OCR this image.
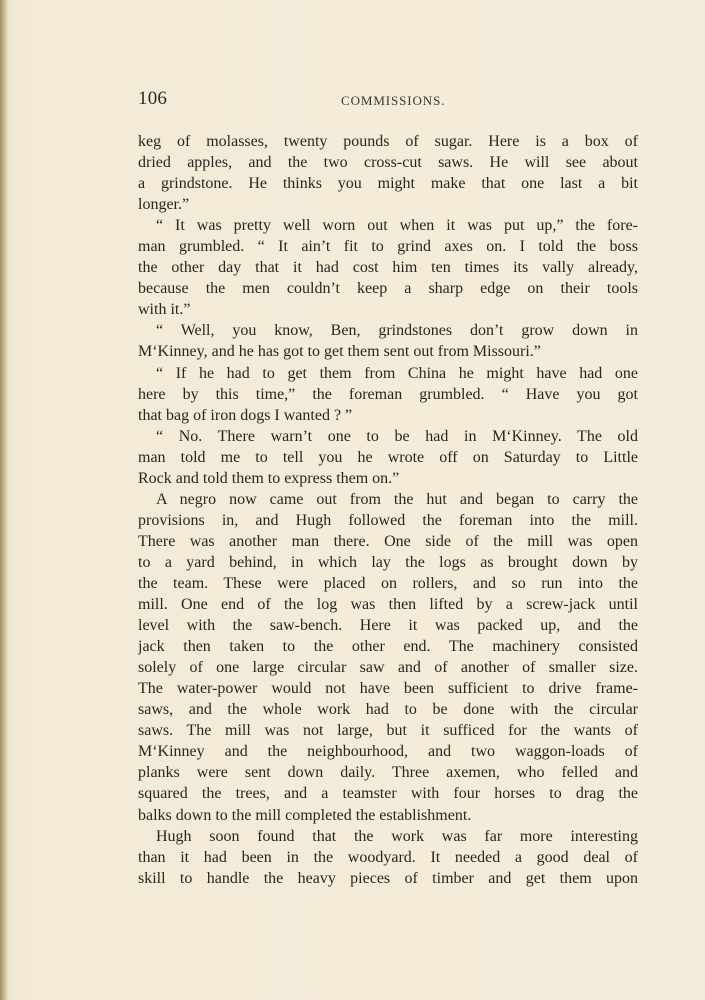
106	COMMISSIONS.
keg of molasses, twenty pounds of sugar. Here is a box of
dried apples, and the two cross-cut saws. He will see about
a grindstone. He thinks you might make that one last a bit
longer.”
“ It was pretty well worn out when it was put up,” the fore-
man grumbled. “ It ain’t fit to grind axes on. I told the boss
the other day that it had cost him ten times its vally already,
because the men couldn’t keep a sharp edge on their tools
with it.”
“ Well, you know, Ben, grindstones don’t grow down in
M‘Kinney, and he has got to get them sent out from Missouri.”
“ If he had to get them from China he might have had one
here by this time,” the foreman grumbled. “ Have you got
that bag of iron dogs I wanted ? ”
“ No. There warn’t one to be had in M‘Kinney. The old
man told me to tell you he wrote off on Saturday to Little
Rock and told them to express them on.”
A negro now came out from the hut and began to carry the
provisions in, and Hugh followed the foreman into the mill.
There was another man there. One side of the mill was open
to a yard behind, in which lay the logs as brought down by
the team. These were placed on rollers, and so run into the
mill. One end of the log was then lifted by a screw-jack until
level with the saw-bench. Here it was packed up, and the
jack then taken to the other end. The machinery consisted
solely of one large circular saw and of another of smaller size.
The water-power would not have been sufficient to drive frame-
saws, and the whole work had to be done with the circular
saws. The mill was not large, but it sufficed for the wants of
M‘Kinney and the neighbourhood, and two waggon-loads of
planks were sent down daily. Three axemen, who felled and
squared the trees, and a teamster with four horses to drag the
balks down to the mill completed the establishment.
Hugh soon found that the work was far more interesting
than it had been in the woodyard. It needed a good deal of
skill to handle the heavy pieces of timber and get them upon
